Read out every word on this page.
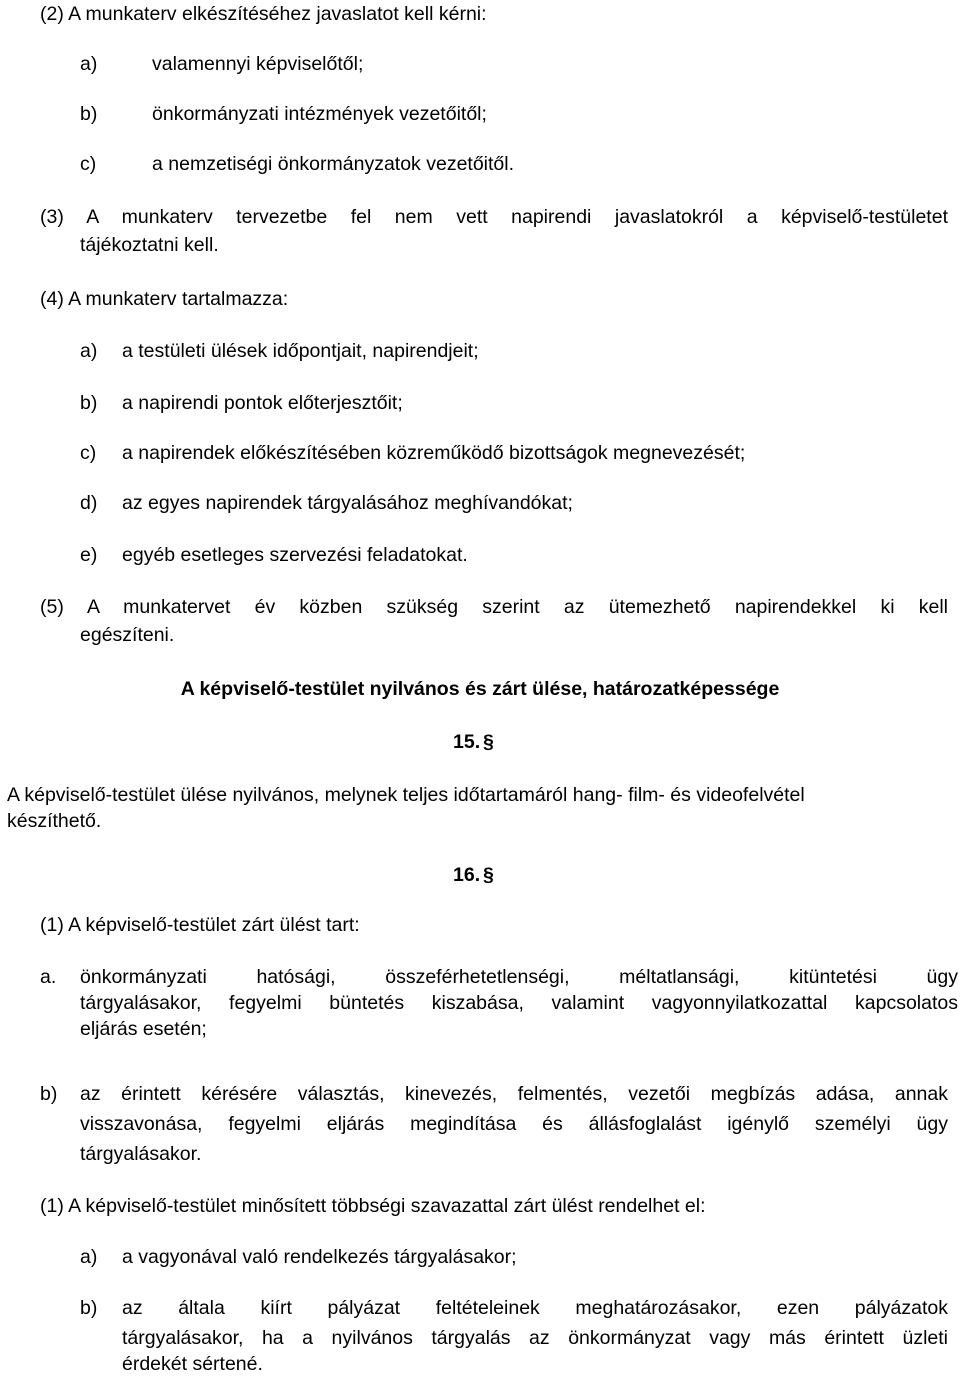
(2) A munkaterv elkészítéséhez javaslatot kell kérni:
a)	valamennyi képviselőtől;
b)	önkormányzati intézmények vezetőitől;
c)	a nemzetiségi önkormányzatok vezetőitől.
(3) A munkaterv tervezetbe fel nem vett napirendi javaslatokról a képviselő-testületet
tájékoztatni kell.
(4) A munkaterv tartalmazza:
a) a testületi ülések időpontjait, napirendjeit;
b) a napirendi pontok előterjesztőit;
c) a napirendek előkészítésében közreműködő bizottságok megnevezését;
d) az egyes napirendek tárgyalásához meghívandókat;
e) egyéb esetleges szervezési feladatokat.
(5) A munkatervet év közben szükség szerint az ütemezhető napirendekkel ki kell
egészíteni.
A képviselő-testület nyilvános és zárt ülése, határozatképessége
15. §
A képviselő-testület ülése nyilvános, melynek teljes időtartamáról hang- film- és videofelvétel
készíthető.
16. §
(1) A képviselő-testület zárt ülést tart:
a. önkormányzati hatósági, összeférhetetlenségi, méltatlansági, kitüntetési ügy
tárgyalásakor, fegyelmi büntetés kiszabása, valamint vagyonnyilatkozattal kapcsolatos
eljárás esetén;
b) az érintett kérésére választás, kinevezés, felmentés, vezetői megbízás adása, annak
visszavonása, fegyelmi eljárás megindítása és állásfoglalást igénylő személyi ügy
tárgyalásakor.
(1) A képviselő-testület minősített többségi szavazattal zárt ülést rendelhet el:
a) a vagyonával való rendelkezés tárgyalásakor;
b) az általa kiírt pályázat feltételeinek meghatározásakor, ezen pályázatok
tárgyalásakor, ha a nyilvános tárgyalás az önkormányzat vagy más érintett üzleti
érdekét sértené.
